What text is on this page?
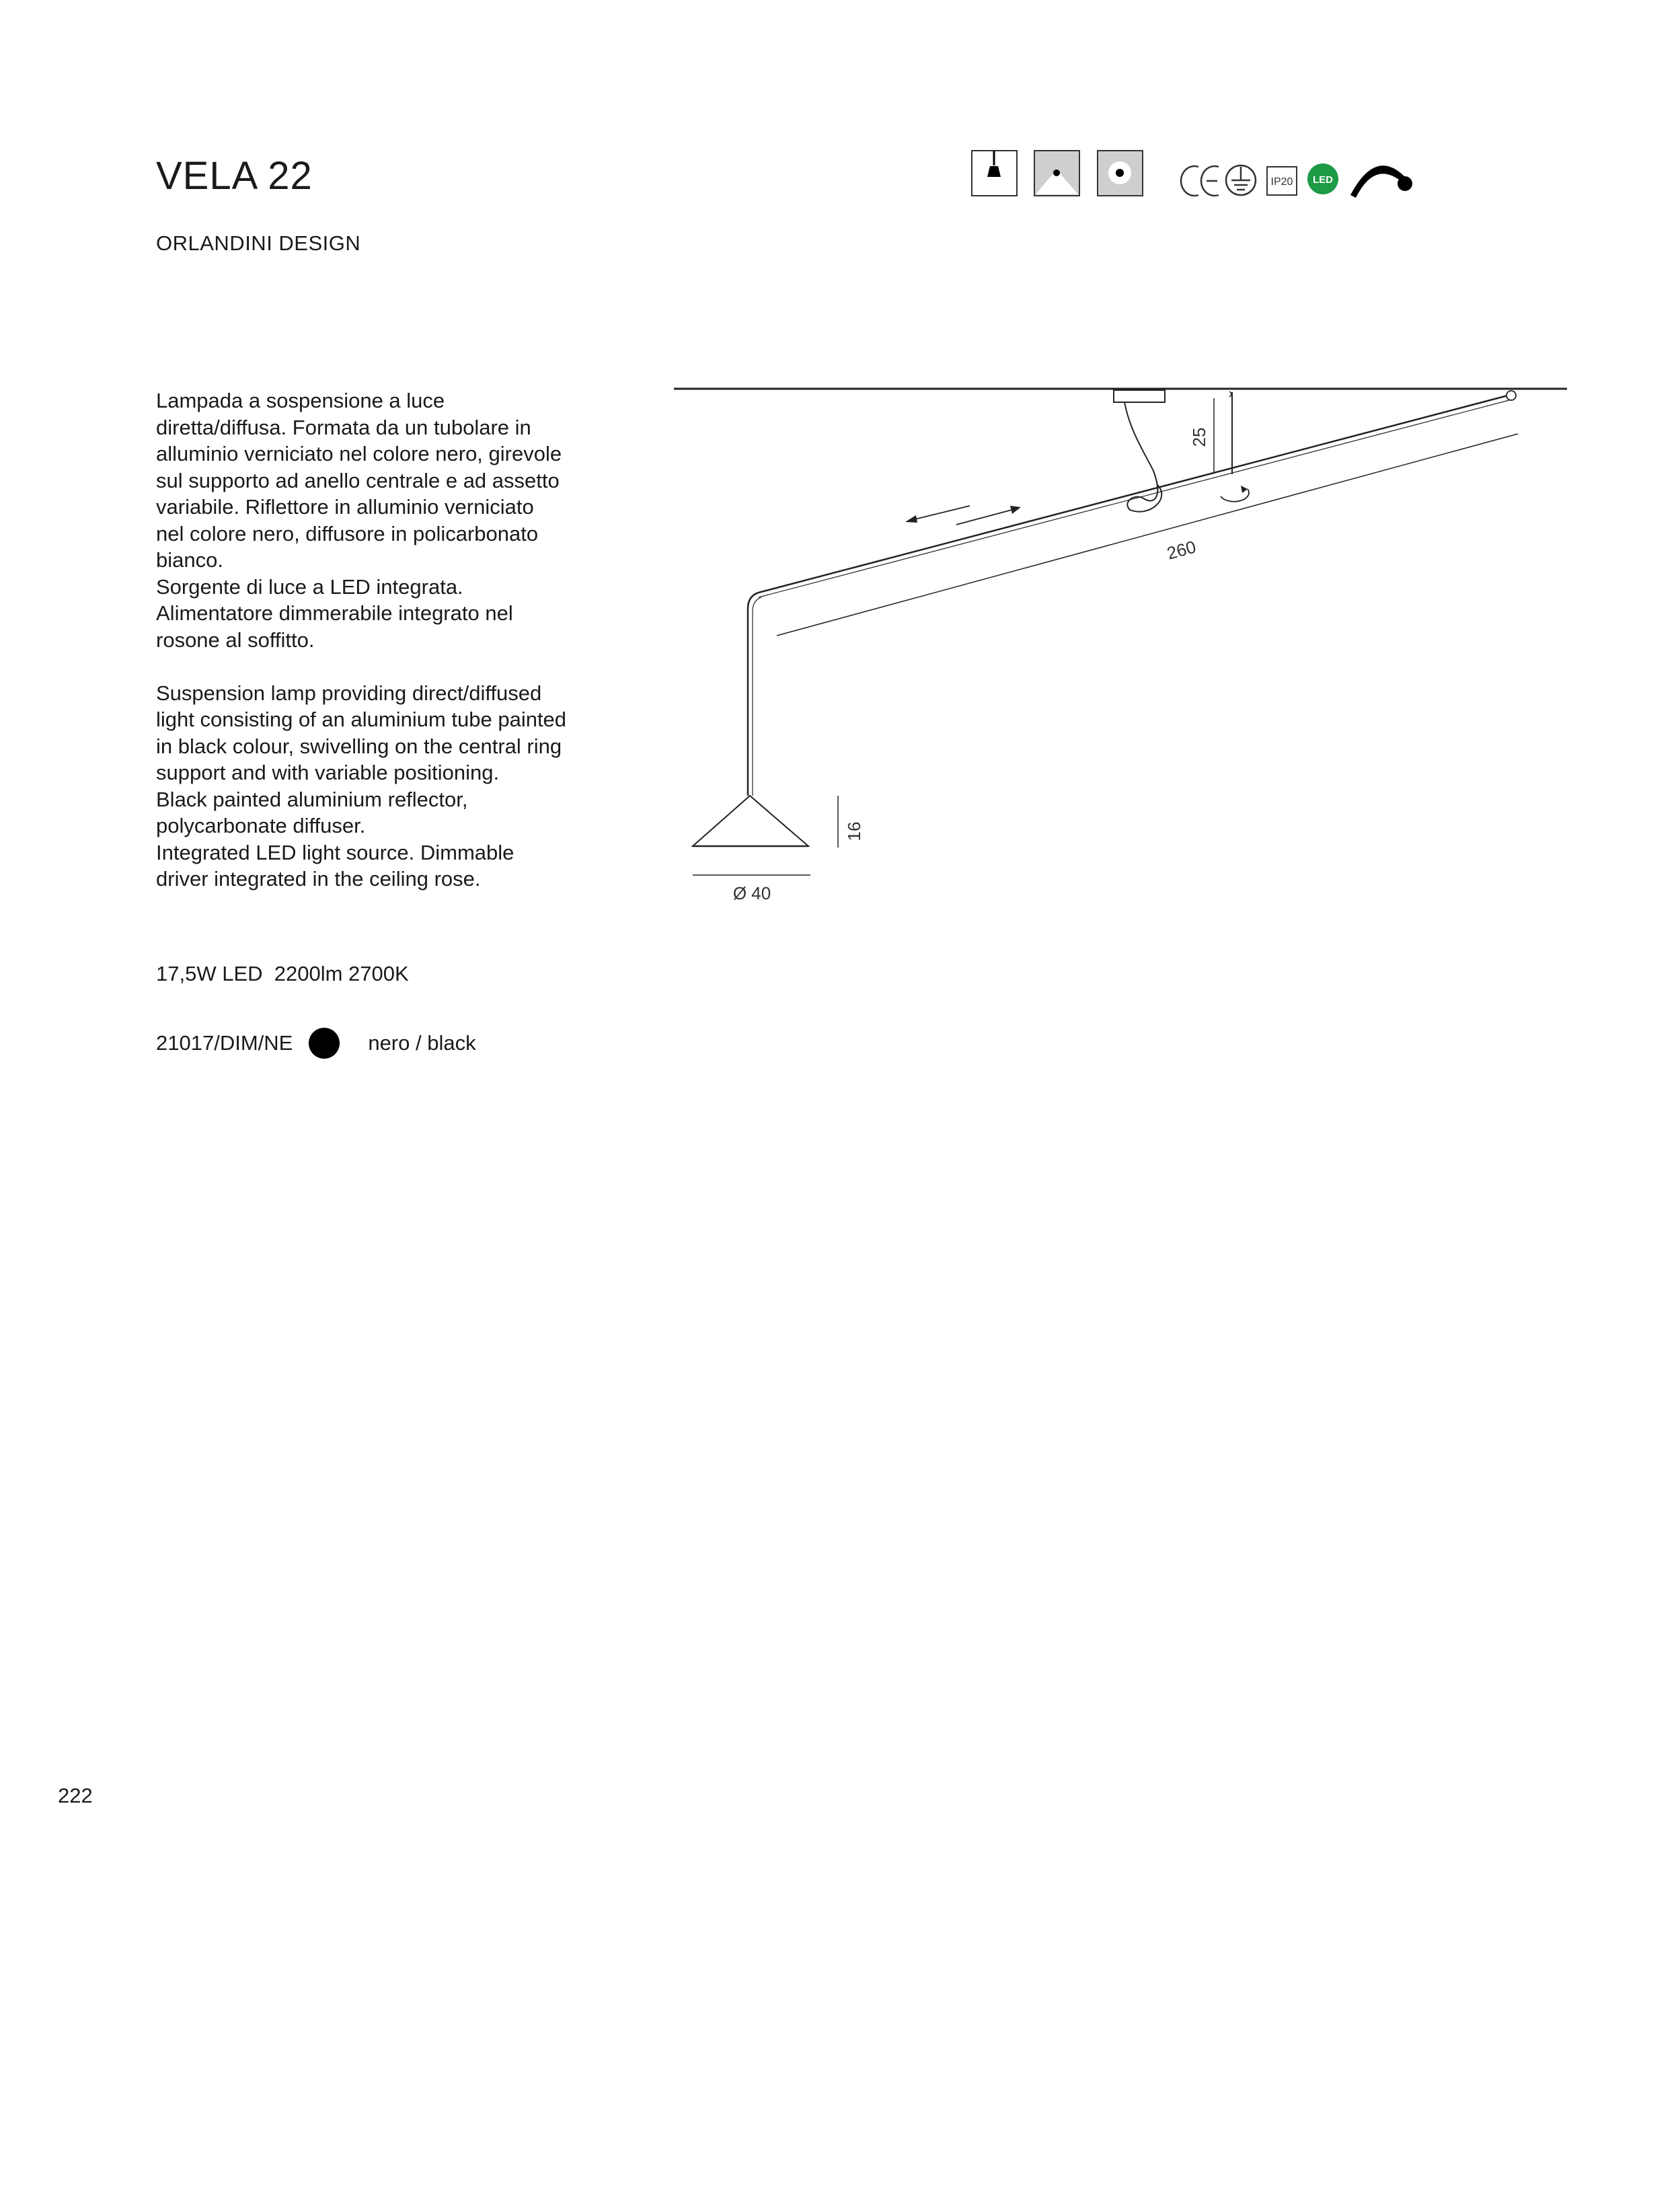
VELA 22
ORLANDINI DESIGN
IP20 LED
260
25
16
Ø 40

Lampada a sospensione a luce
diretta/diffusa. Formata da un tubolare in
alluminio verniciato nel colore nero, girevole
sul supporto ad anello centrale e ad assetto
variabile. Riflettore in alluminio verniciato
nel colore nero, diffusore in policarbonato
bianco.
Sorgente di luce a LED integrata.
Alimentatore dimmerabile integrato nel
rosone al soffitto.

Suspension lamp providing direct/diffused
light consisting of an aluminium tube painted
in black colour, swivelling on the central ring
support and with variable positioning.
Black painted aluminium reflector,
polycarbonate diffuser.
Integrated LED light source. Dimmable
driver integrated in the ceiling rose.

17,5W LED  2200lm 2700K
21017/DIM/NE	nero / black
222
